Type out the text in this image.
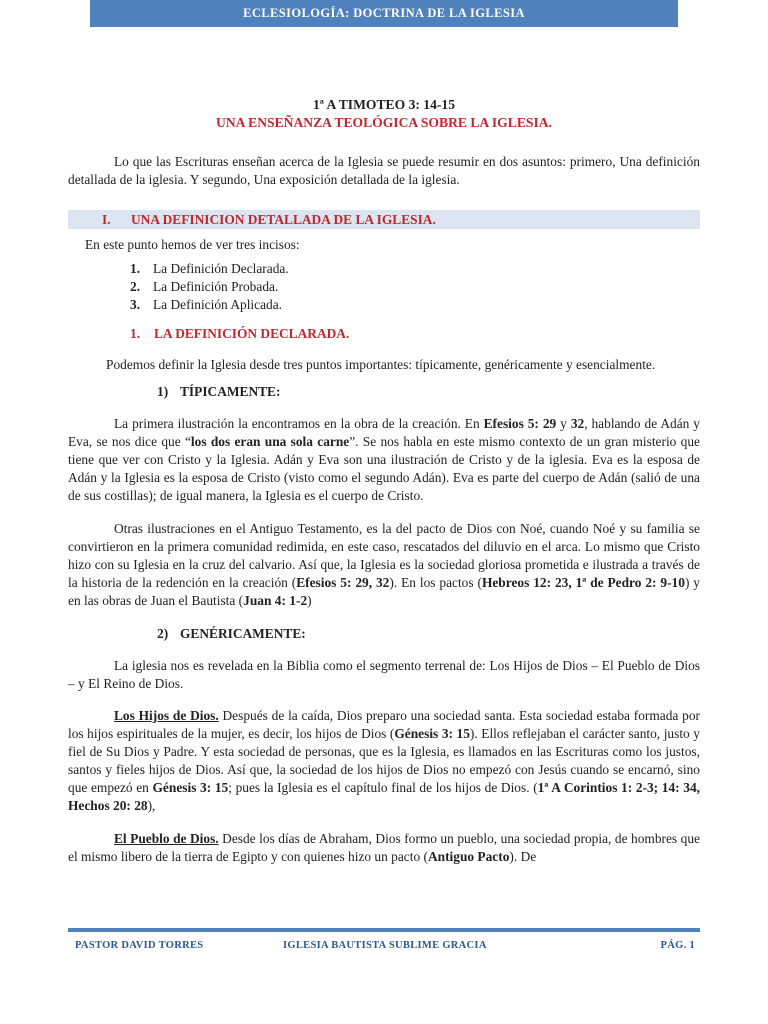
ECLESIOLOGÍA: DOCTRINA DE LA IGLESIA

1ª A TIMOTEO 3: 14-15

UNA ENSEÑANZA TEOLÓGICA SOBRE LA IGLESIA.

Lo que las Escrituras enseñan acerca de la Iglesia se puede resumir en dos asuntos: primero, Una definición detallada de la iglesia. Y segundo, Una exposición detallada de la iglesia.

I. UNA DEFINICION DETALLADA DE LA IGLESIA.

En este punto hemos de ver tres incisos:

1. La Definición Declarada.
2. La Definición Probada.
3. La Definición Aplicada.
1. LA DEFINICIÓN DECLARADA.

Podemos definir la Iglesia desde tres puntos importantes: típicamente, genéricamente y esencialmente.

1) TÍPICAMENTE:

La primera ilustración la encontramos en la obra de la creación. En Efesios 5: 29 y 32, hablando de Adán y Eva, se nos dice que “los dos eran una sola carne”. Se nos habla en este mismo contexto de un gran misterio que tiene que ver con Cristo y la Iglesia. Adán y Eva son una ilustración de Cristo y de la iglesia. Eva es la esposa de Adán y la Iglesia es la esposa de Cristo (visto como el segundo Adán). Eva es parte del cuerpo de Adán (salió de una de sus costillas); de igual manera, la Iglesia es el cuerpo de Cristo.

Otras ilustraciones en el Antiguo Testamento, es la del pacto de Dios con Noé, cuando Noé y su familia se convirtieron en la primera comunidad redimida, en este caso, rescatados del diluvio en el arca. Lo mismo que Cristo hizo con su Iglesia en la cruz del calvario. Así que, la Iglesia es la sociedad gloriosa prometida e ilustrada a través de la historia de la redención en la creación (Efesios 5: 29, 32). En los pactos (Hebreos 12: 23, 1ª de Pedro 2: 9-10) y en las obras de Juan el Bautista (Juan 4: 1-2)

2) GENÉRICAMENTE:

La iglesia nos es revelada en la Biblia como el segmento terrenal de: Los Hijos de Dios – El Pueblo de Dios – y El Reino de Dios.

Los Hijos de Dios. Después de la caída, Dios preparo una sociedad santa. Esta sociedad estaba formada por los hijos espirituales de la mujer, es decir, los hijos de Dios (Génesis 3: 15). Ellos reflejaban el carácter santo, justo y fiel de Su Dios y Padre. Y esta sociedad de personas, que es la Iglesia, es llamados en las Escrituras como los justos, santos y fieles hijos de Dios. Así que, la sociedad de los hijos de Dios no empezó con Jesús cuando se encarnó, sino que empezó en Génesis 3: 15; pues la Iglesia es el capítulo final de los hijos de Dios. (1ª A Corintios 1: 2-3; 14: 34, Hechos 20: 28),

El Pueblo de Dios. Desde los días de Abraham, Dios formo un pueblo, una sociedad propia, de hombres que el mismo libero de la tierra de Egipto y con quienes hizo un pacto (Antiguo Pacto). De

PASTOR DAVID TORRES	IGLESIA BAUTISTA SUBLIME GRACIA	PÁG. 1
